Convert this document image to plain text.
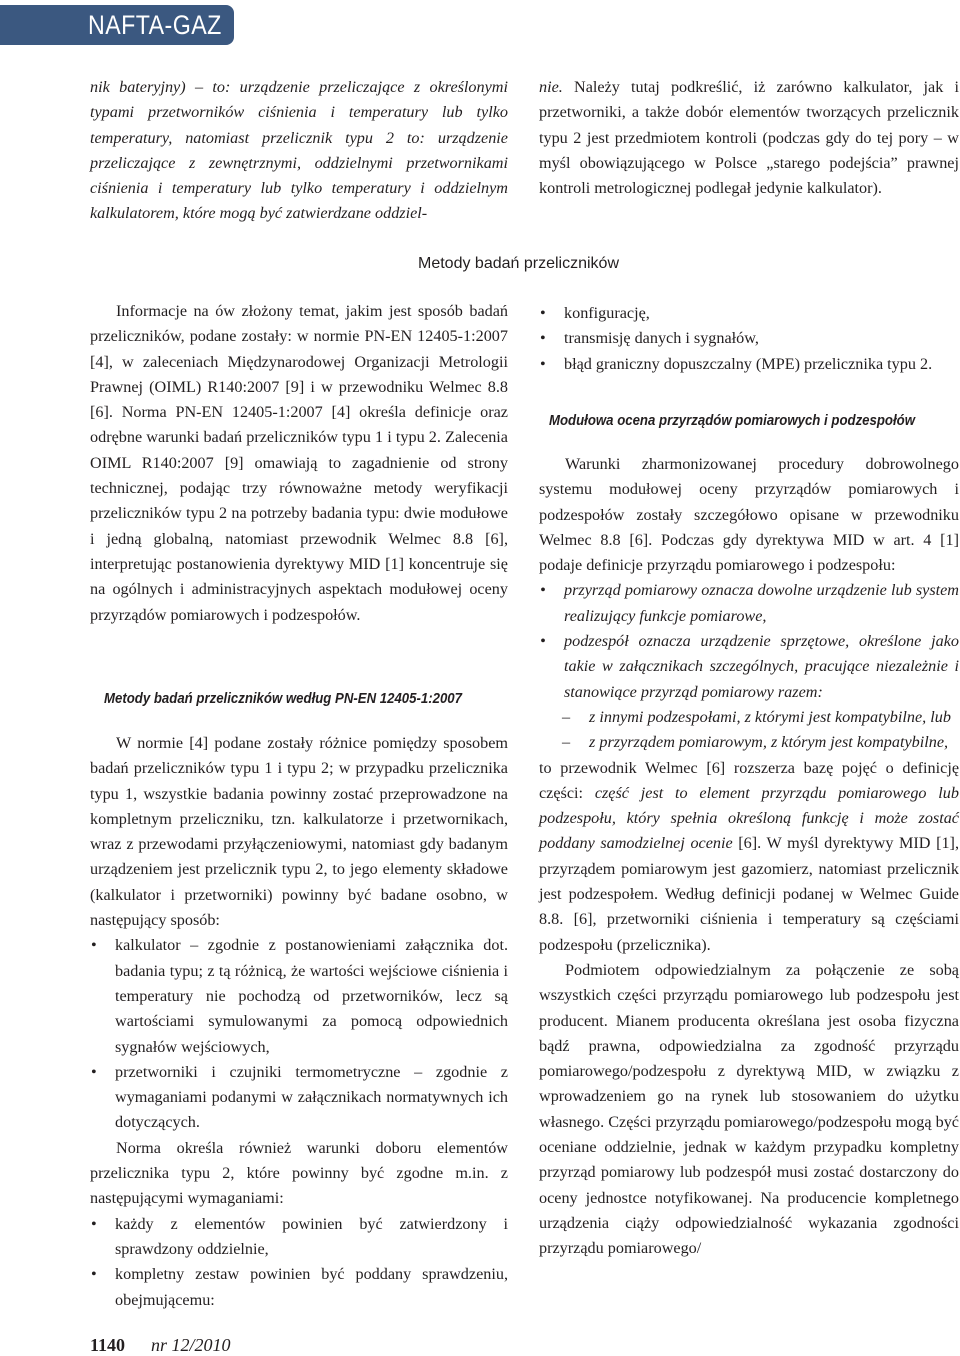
NAFTA-GAZ

nik bateryjny) – to: urządzenie przeliczające z określonymi typami przetworników ciśnienia i temperatury lub tylko temperatury, natomiast przelicznik typu 2 to: urządzenie przeliczające z zewnętrznymi, oddzielnymi przetwornikami ciśnienia i temperatury lub tylko temperatury i oddzielnym kalkulatorem, które mogą być zatwierdzane oddziel-

nie. Należy tutaj podkreślić, iż zarówno kalkulator, jak i przetworniki, a także dobór elementów tworzących przelicznik typu 2 jest przedmiotem kontroli (podczas gdy do tej pory – w myśl obowiązującego w Polsce „starego podejścia” prawnej kontroli metrologicznej podlegał jedynie kalkulator).

Metody badań przeliczników

Informacje na ów złożony temat, jakim jest sposób badań przeliczników, podane zostały: w normie PN-EN 12405-1:2007 [4], w zaleceniach Międzynarodowej Organizacji Metrologii Prawnej (OIML) R140:2007 [9] i w przewodniku Welmec 8.8 [6]. Norma PN-EN 12405-1:2007 [4] określa definicje oraz odrębne warunki badań przeliczników typu 1 i typu 2. Zalecenia OIML R140:2007 [9] omawiają to zagadnienie od strony technicznej, podając trzy równoważne metody weryfikacji przeliczników typu 2 na potrzeby badania typu: dwie modułowe i jedną globalną, natomiast przewodnik Welmec 8.8 [6], interpretując postanowienia dyrektywy MID [1] koncentruje się na ogólnych i administracyjnych aspektach modułowej oceny przyrządów pomiarowych i podzespołów.

Metody badań przeliczników według PN-EN 12405-1:2007

W normie [4] podane zostały różnice pomiędzy sposobem badań przeliczników typu 1 i typu 2; w przypadku przelicznika typu 1, wszystkie badania powinny zostać przeprowadzone na kompletnym przeliczniku, tzn. kalkulatorze i przetwornikach, wraz z przewodami przyłączeniowymi, natomiast gdy badanym urządzeniem jest przelicznik typu 2, to jego elementy składowe (kalkulator i przetworniki) powinny być badane osobno, w następujący sposób:

• kalkulator – zgodnie z postanowieniami załącznika dot. badania typu; z tą różnicą, że wartości wejściowe ciśnienia i temperatury nie pochodzą od przetworników, lecz są wartościami symulowanymi za pomocą odpowiednich sygnałów wejściowych,
• przetworniki i czujniki termometryczne – zgodnie z wymaganiami podanymi w załącznikach normatywnych ich dotyczących.

Norma określa również warunki doboru elementów przelicznika typu 2, które powinny być zgodne m.in. z następującymi wymaganiami:

• każdy z elementów powinien być zatwierdzony i sprawdzony oddzielnie,
• kompletny zestaw powinien być poddany sprawdzeniu, obejmującemu:
• konfigurację,
• transmisję danych i sygnałów,
• błąd graniczny dopuszczalny (MPE) przelicznika typu 2.
Modułowa ocena przyrządów pomiarowych i podzespołów

Warunki zharmonizowanej procedury dobrowolnego systemu modułowej oceny przyrządów pomiarowych i podzespołów zostały szczegółowo opisane w przewodniku Welmec 8.8 [6]. Podczas gdy dyrektywa MID w art. 4 [1] podaje definicje przyrządu pomiarowego i podzespołu:

• przyrząd pomiarowy oznacza dowolne urządzenie lub system realizujący funkcje pomiarowe,
• podzespół oznacza urządzenie sprzętowe, określone jako takie w załącznikach szczególnych, pracujące niezależnie i stanowiące przyrząd pomiarowy razem:
– z innymi podzespołami, z którymi jest kompatybilne, lub
– z przyrządem pomiarowym, z którym jest kompatybilne,

to przewodnik Welmec [6] rozszerza bazę pojęć o definicję części: część jest to element przyrządu pomiarowego lub podzespołu, który spełnia określoną funkcję i może zostać poddany samodzielnej ocenie [6]. W myśl dyrektywy MID [1], przyrządem pomiarowym jest gazomierz, natomiast przelicznik jest podzespołem. Według definicji podanej w Welmec Guide 8.8. [6], przetworniki ciśnienia i temperatury są częściami podzespołu (przelicznika).

Podmiotem odpowiedzialnym za połączenie ze sobą wszystkich części przyrządu pomiarowego lub podzespołu jest producent. Mianem producenta określana jest osoba fizyczna bądź prawna, odpowiedzialna za zgodność przyrządu pomiarowego/podzespołu z dyrektywą MID, w związku z wprowadzeniem go na rynek lub stosowaniem do użytku własnego. Części przyrządu pomiarowego/podzespołu mogą być oceniane oddzielnie, jednak w każdym przypadku kompletny przyrząd pomiarowy lub podzespół musi zostać dostarczony do oceny jednostce notyfikowanej. Na producencie kompletnego urządzenia ciąży odpowiedzialność wykazania zgodności przyrządu pomiarowego/

1140 nr 12/2010
